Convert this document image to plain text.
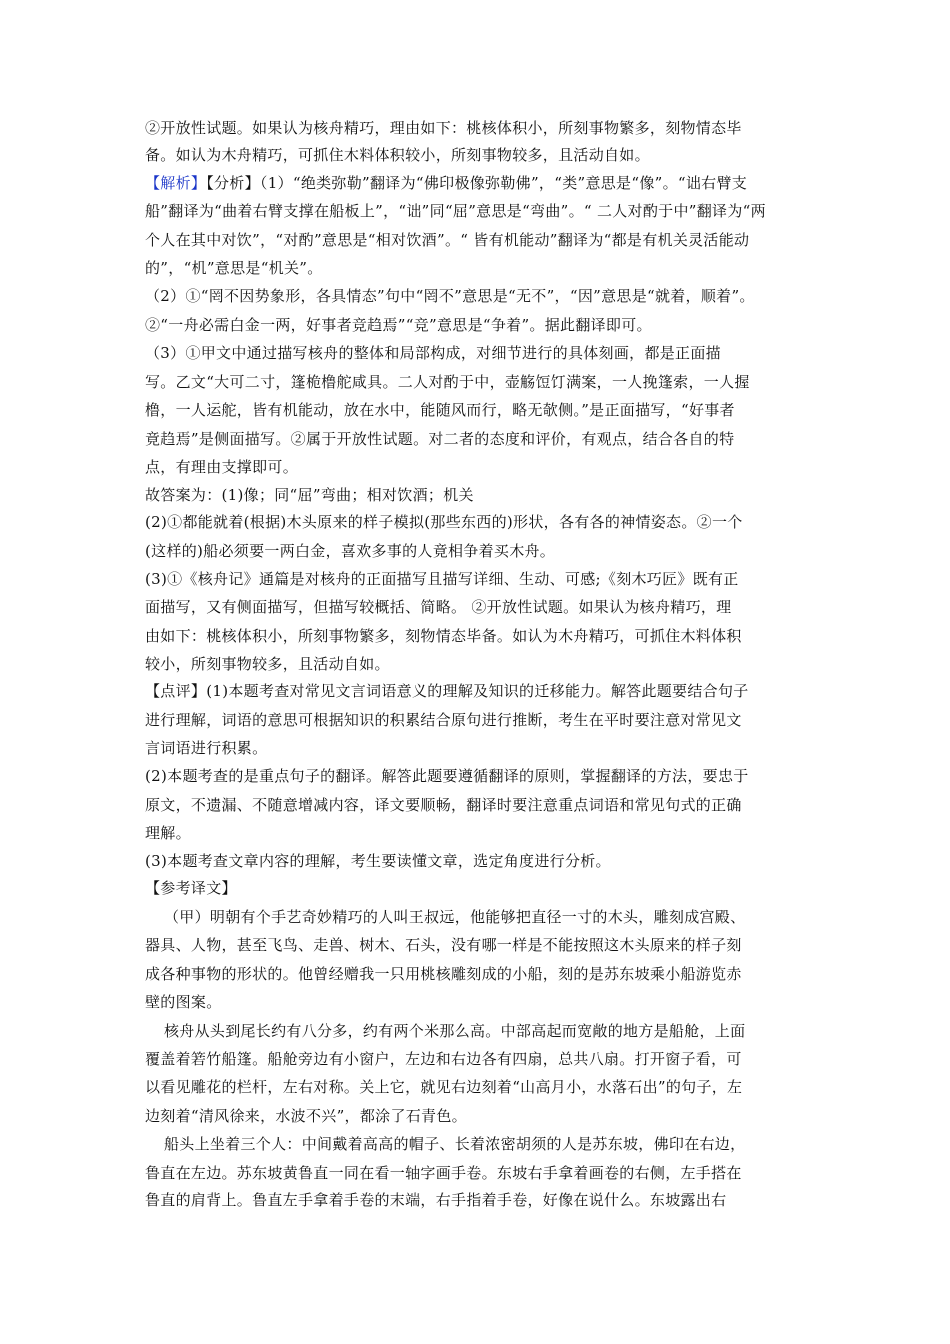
②开放性试题。如果认为核舟精巧，理由如下：桃核体积小，所刻事物繁多，刻物情态毕
备。如认为木舟精巧，可抓住木料体积较小，所刻事物较多，且活动自如。
【解析】【分析】（1）“绝类弥勒”翻译为“佛印极像弥勒佛”，“类”意思是“像”。“诎右臂支
船”翻译为“曲着右臂支撑在船板上”，“诎”同“屈”意思是“弯曲”。“ 二人对酌于中”翻译为“两
个人在其中对饮”，“对酌”意思是“相对饮酒”。“ 皆有机能动”翻译为“都是有机关灵活能动
的”，“机”意思是“机关”。
（2）①“罔不因势象形，各具情态”句中“罔不”意思是“无不”，“因”意思是“就着，顺着”。
②“一舟必需白金一两，好事者竞趋焉”“竞”意思是“争着”。据此翻译即可。
（3）①甲文中通过描写核舟的整体和局部构成，对细节进行的具体刻画，都是正面描
写。乙文“大可二寸，篷桅橹舵咸具。二人对酌于中，壶觞饾饤满案，一人挽篷索，一人握
橹，一人运舵，皆有机能动，放在水中，能随风而行，略无欹侧。”是正面描写，“好事者
竟趋焉”是侧面描写。②属于开放性试题。对二者的态度和评价，有观点，结合各自的特
点，有理由支撑即可。
故答案为：(1)像；同“屈”弯曲；相对饮酒；机关
(2)①都能就着(根据)木头原来的样子模拟(那些东西的)形状，各有各的神情姿态。②一个
(这样的)船必须要一两白金，喜欢多事的人竟相争着买木舟。
(3)①《核舟记》通篇是对核舟的正面描写且描写详细、生动、可感;《刻木巧匠》既有正
面描写，又有侧面描写，但描写较概括、简略。 ②开放性试题。如果认为核舟精巧，理
由如下：桃核体积小，所刻事物繁多，刻物情态毕备。如认为木舟精巧，可抓住木料体积
较小，所刻事物较多，且活动自如。
【点评】(1)本题考查对常见文言词语意义的理解及知识的迁移能力。解答此题要结合句子
进行理解，词语的意思可根据知识的积累结合原句进行推断，考生在平时要注意对常见文
言词语进行积累。
(2)本题考查的是重点句子的翻译。解答此题要遵循翻译的原则，掌握翻译的方法，要忠于
原文，不遗漏、不随意增减内容，译文要顺畅，翻译时要注意重点词语和常见句式的正确
理解。
(3)本题考查文章内容的理解，考生要读懂文章，选定角度进行分析。
【参考译文】
（甲）明朝有个手艺奇妙精巧的人叫王叔远，他能够把直径一寸的木头，雕刻成宫殿、
器具、人物，甚至飞鸟、走兽、树木、石头，没有哪一样是不能按照这木头原来的样子刻
成各种事物的形状的。他曾经赠我一只用桃核雕刻成的小船，刻的是苏东坡乘小船游览赤
壁的图案。
核舟从头到尾长约有八分多，约有两个米那么高。中部高起而宽敞的地方是船舱，上面
覆盖着箬竹船篷。船舱旁边有小窗户，左边和右边各有四扇，总共八扇。打开窗子看，可
以看见雕花的栏杆，左右对称。关上它，就见右边刻着“山高月小，水落石出”的句子，左
边刻着“清风徐来，水波不兴”，都涂了石青色。
船头上坐着三个人：中间戴着高高的帽子、长着浓密胡须的人是苏东坡，佛印在右边，
鲁直在左边。苏东坡黄鲁直一同在看一轴字画手卷。东坡右手拿着画卷的右侧，左手搭在
鲁直的肩背上。鲁直左手拿着手卷的末端，右手指着手卷，好像在说什么。东坡露出右
